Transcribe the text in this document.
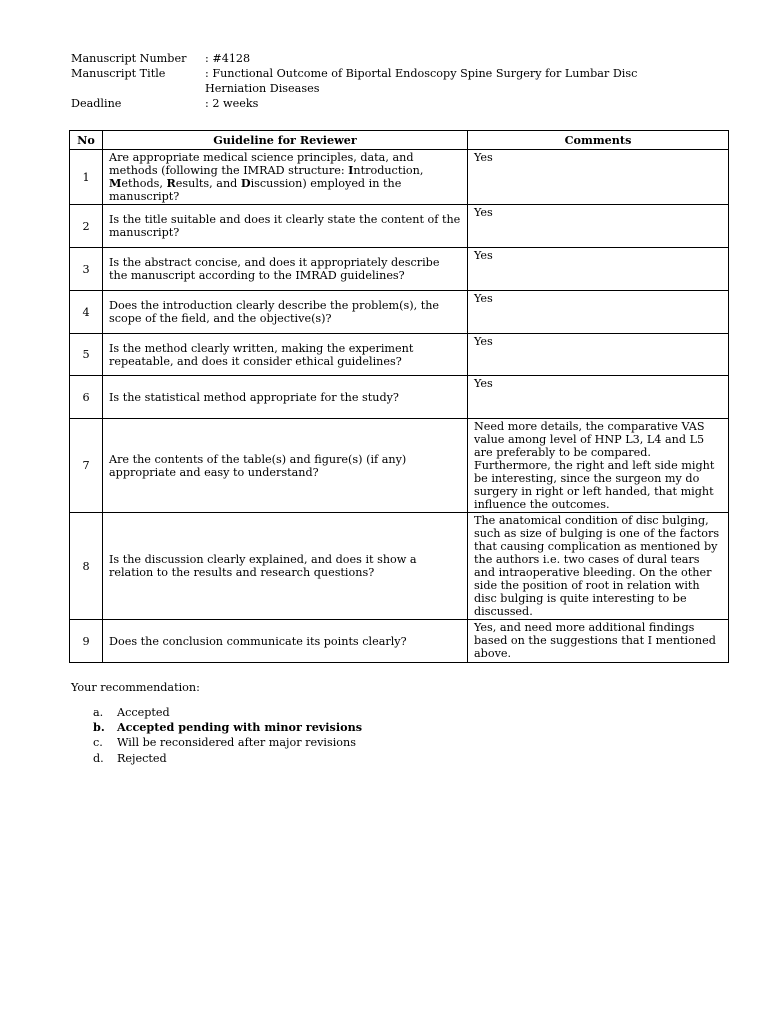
Manuscript Number	: #4128
Manuscript Title	: Functional Outcome of Biportal Endoscopy Spine Surgery for Lumbar Disc
Herniation Diseases
Deadline	: 2 weeks
No	Guideline for Reviewer	Comments
1	Are appropriate medical science principles, data, and methods (following the IMRAD structure: Introduction, Methods, Results, and Discussion) employed in the manuscript?	Yes
2	Is the title suitable and does it clearly state the content of the manuscript?	Yes
3	Is the abstract concise, and does it appropriately describe the manuscript according to the IMRAD guidelines?	Yes
4	Does the introduction clearly describe the problem(s), the scope of the field, and the objective(s)?	Yes
5	Is the method clearly written, making the experiment repeatable, and does it consider ethical guidelines?	Yes
6	Is the statistical method appropriate for the study?	Yes
7	Are the contents of the table(s) and figure(s) (if any) appropriate and easy to understand?	Need more details, the comparative VAS value among level of HNP L3, L4 and L5 are preferably to be compared. Furthermore, the right and left side might be interesting, since the surgeon my do surgery in right or left handed, that might influence the outcomes.
8	Is the discussion clearly explained, and does it show a relation to the results and research questions?	The anatomical condition of disc bulging, such as size of bulging is one of the factors that causing complication as mentioned by the authors i.e. two cases of dural tears and intraoperative bleeding. On the other side the position of root in relation with disc bulging is quite interesting to be discussed.
9	Does the conclusion communicate its points clearly?	Yes, and need more additional findings based on the suggestions that I mentioned above.
Your recommendation:
a.	Accepted
b.	Accepted pending with minor revisions
c.	Will be reconsidered after major revisions
d.	Rejected
